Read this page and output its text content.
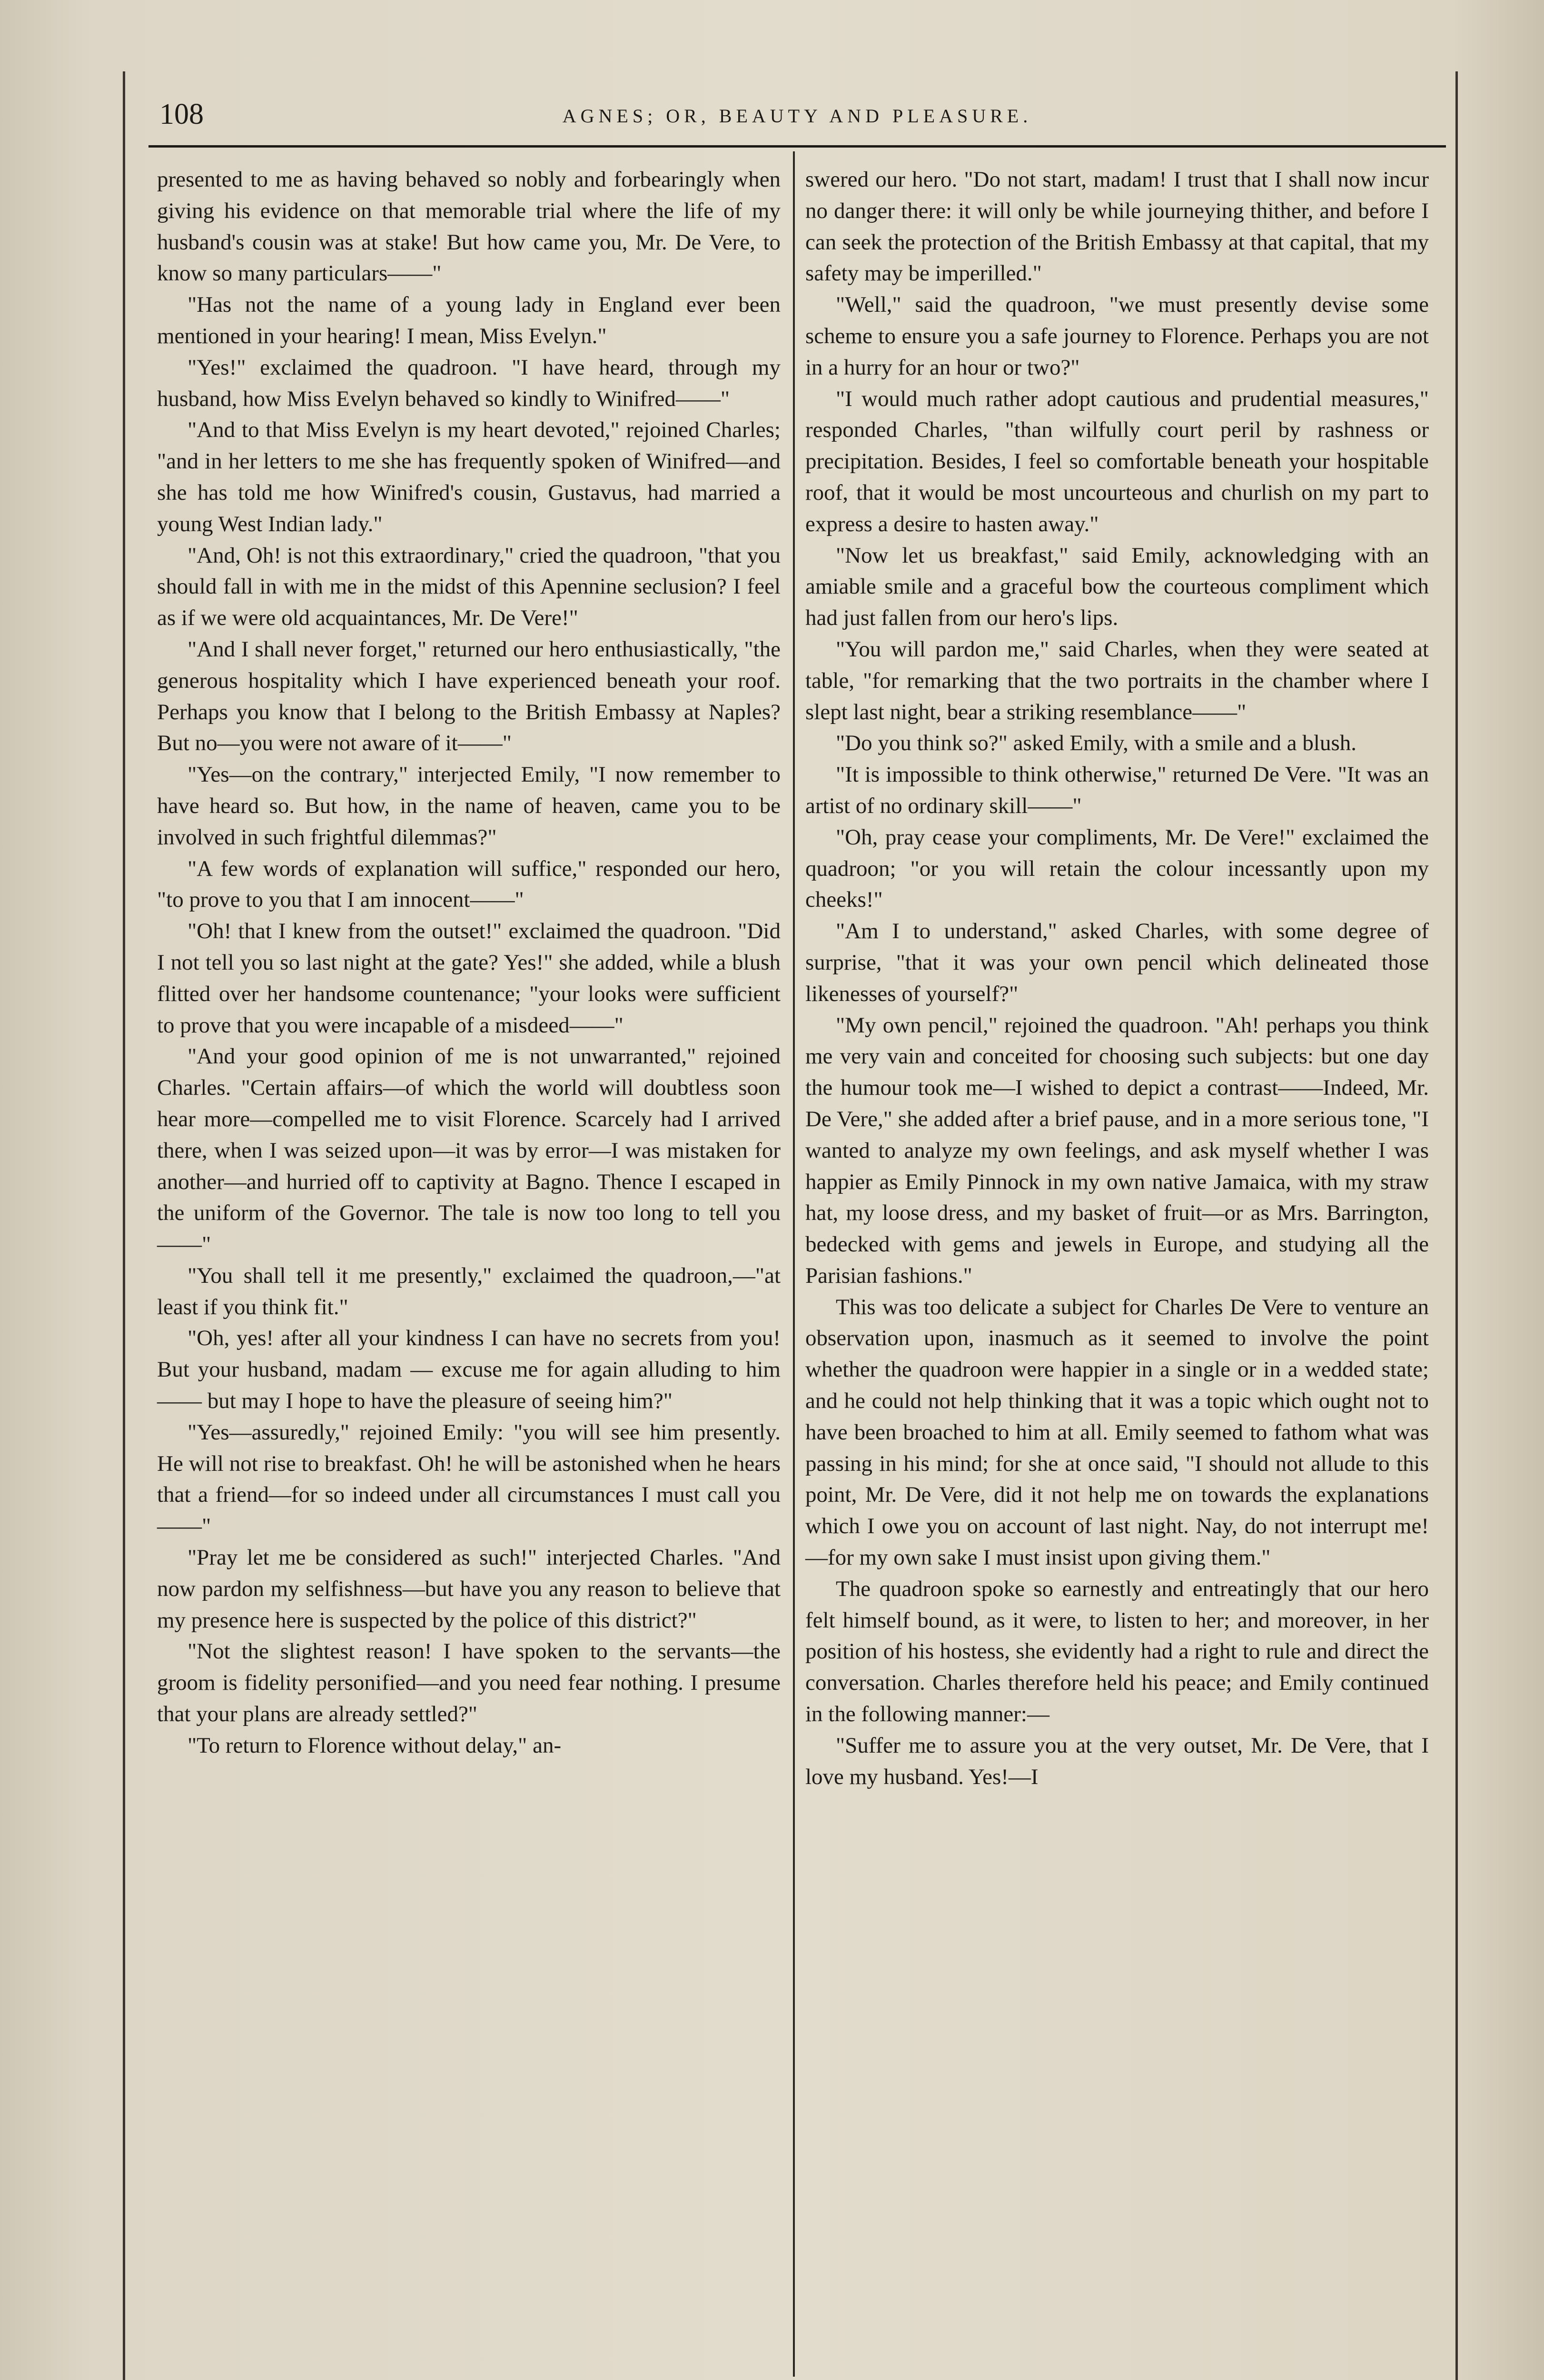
108	AGNES; OR, BEAUTY AND PLEASURE.

presented to me as having behaved so nobly and forbearingly when giving his evidence on that memorable trial where the life of my husband's cousin was at stake! But how came you, Mr. De Vere, to know so many particulars——"

"Has not the name of a young lady in England ever been mentioned in your hearing! I mean, Miss Evelyn."

"Yes!" exclaimed the quadroon. "I have heard, through my husband, how Miss Evelyn behaved so kindly to Winifred——"

"And to that Miss Evelyn is my heart devoted," rejoined Charles; "and in her letters to me she has frequently spoken of Winifred—and she has told me how Winifred's cousin, Gustavus, had married a young West Indian lady."

"And, Oh! is not this extraordinary," cried the quadroon, "that you should fall in with me in the midst of this Apennine seclusion? I feel as if we were old acquaintances, Mr. De Vere!"

"And I shall never forget," returned our hero enthusiastically, "the generous hospitality which I have experienced beneath your roof. Perhaps you know that I belong to the British Embassy at Naples? But no—you were not aware of it——"

"Yes—on the contrary," interjected Emily, "I now remember to have heard so. But how, in the name of heaven, came you to be involved in such frightful dilemmas?"

"A few words of explanation will suffice," responded our hero, "to prove to you that I am innocent——"

"Oh! that I knew from the outset!" exclaimed the quadroon. "Did I not tell you so last night at the gate? Yes!" she added, while a blush flitted over her handsome countenance; "your looks were sufficient to prove that you were incapable of a misdeed——"

"And your good opinion of me is not unwarranted," rejoined Charles. "Certain affairs—of which the world will doubtless soon hear more—compelled me to visit Florence. Scarcely had I arrived there, when I was seized upon—it was by error—I was mistaken for another—and hurried off to captivity at Bagno. Thence I escaped in the uniform of the Governor. The tale is now too long to tell you——"

"You shall tell it me presently," exclaimed the quadroon,—"at least if you think fit."

"Oh, yes! after all your kindness I can have no secrets from you! But your husband, madam — excuse me for again alluding to him —— but may I hope to have the pleasure of seeing him?"

"Yes—assuredly," rejoined Emily: "you will see him presently. He will not rise to breakfast. Oh! he will be astonished when he hears that a friend—for so indeed under all circumstances I must call you——"

"Pray let me be considered as such!" interjected Charles. "And now pardon my selfishness—but have you any reason to believe that my presence here is suspected by the police of this district?"

"Not the slightest reason! I have spoken to the servants—the groom is fidelity personified—and you need fear nothing. I presume that your plans are already settled?"

"To return to Florence without delay," an-

swered our hero. "Do not start, madam! I trust that I shall now incur no danger there: it will only be while journeying thither, and before I can seek the protection of the British Embassy at that capital, that my safety may be imperilled."

"Well," said the quadroon, "we must presently devise some scheme to ensure you a safe journey to Florence. Perhaps you are not in a hurry for an hour or two?"

"I would much rather adopt cautious and prudential measures," responded Charles, "than wilfully court peril by rashness or precipitation. Besides, I feel so comfortable beneath your hospitable roof, that it would be most uncourteous and churlish on my part to express a desire to hasten away."

"Now let us breakfast," said Emily, acknowledging with an amiable smile and a graceful bow the courteous compliment which had just fallen from our hero's lips.

"You will pardon me," said Charles, when they were seated at table, "for remarking that the two portraits in the chamber where I slept last night, bear a striking resemblance——"

"Do you think so?" asked Emily, with a smile and a blush.

"It is impossible to think otherwise," returned De Vere. "It was an artist of no ordinary skill——"

"Oh, pray cease your compliments, Mr. De Vere!" exclaimed the quadroon; "or you will retain the colour incessantly upon my cheeks!"

"Am I to understand," asked Charles, with some degree of surprise, "that it was your own pencil which delineated those likenesses of yourself?"

"My own pencil," rejoined the quadroon. "Ah! perhaps you think me very vain and conceited for choosing such subjects: but one day the humour took me—I wished to depict a contrast——Indeed, Mr. De Vere," she added after a brief pause, and in a more serious tone, "I wanted to analyze my own feelings, and ask myself whether I was happier as Emily Pinnock in my own native Jamaica, with my straw hat, my loose dress, and my basket of fruit—or as Mrs. Barrington, bedecked with gems and jewels in Europe, and studying all the Parisian fashions."

This was too delicate a subject for Charles De Vere to venture an observation upon, inasmuch as it seemed to involve the point whether the quadroon were happier in a single or in a wedded state; and he could not help thinking that it was a topic which ought not to have been broached to him at all. Emily seemed to fathom what was passing in his mind; for she at once said, "I should not allude to this point, Mr. De Vere, did it not help me on towards the explanations which I owe you on account of last night. Nay, do not interrupt me!—for my own sake I must insist upon giving them."

The quadroon spoke so earnestly and entreatingly that our hero felt himself bound, as it were, to listen to her; and moreover, in her position of his hostess, she evidently had a right to rule and direct the conversation. Charles therefore held his peace; and Emily continued in the following manner:—

"Suffer me to assure you at the very outset, Mr. De Vere, that I love my husband. Yes!—I
